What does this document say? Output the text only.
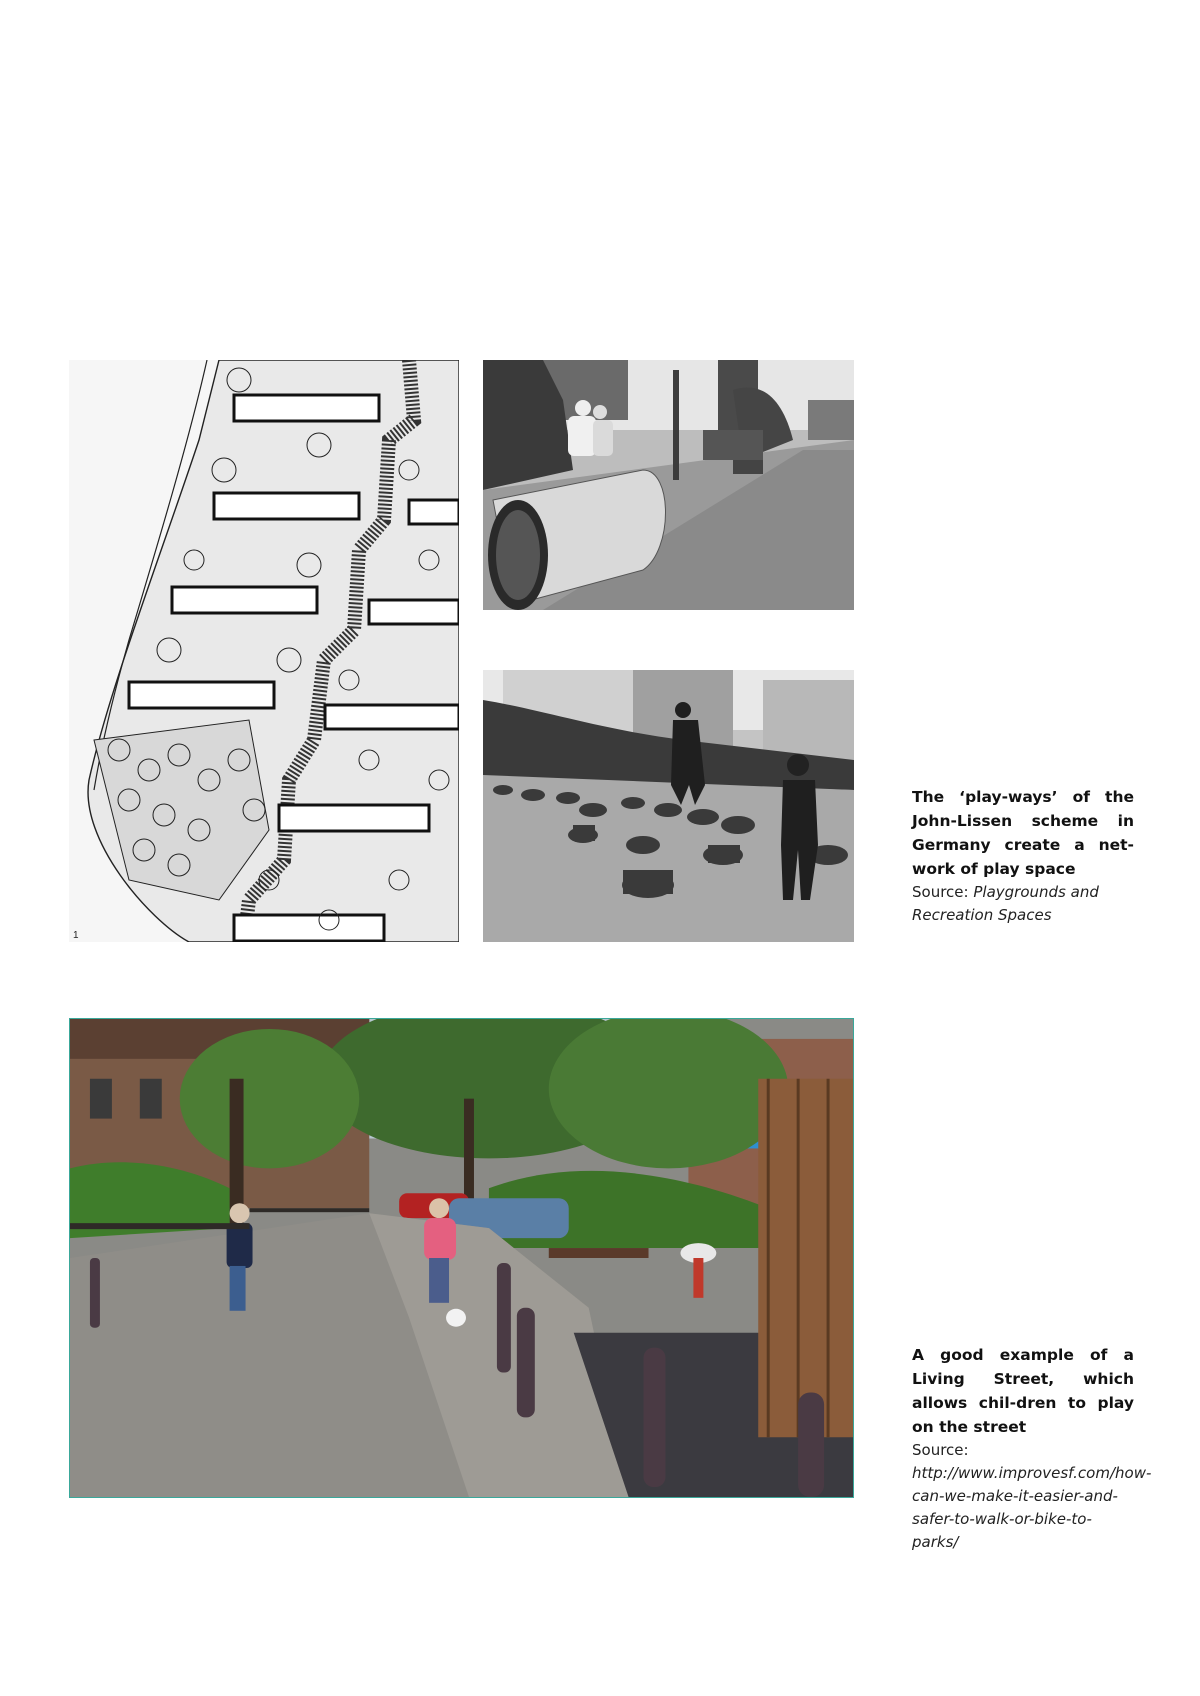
1

The ‘play-ways’ of the John-Lissen scheme in Germany create a net-work of play space

Source: Playgrounds and Recreation Spaces

A good example of a Living Street, which allows chil-dren to play on the street

Source: http://www.improvesf.com/how-can-we-make-it-easier-and-safer-to-walk-or-bike-to-parks/
